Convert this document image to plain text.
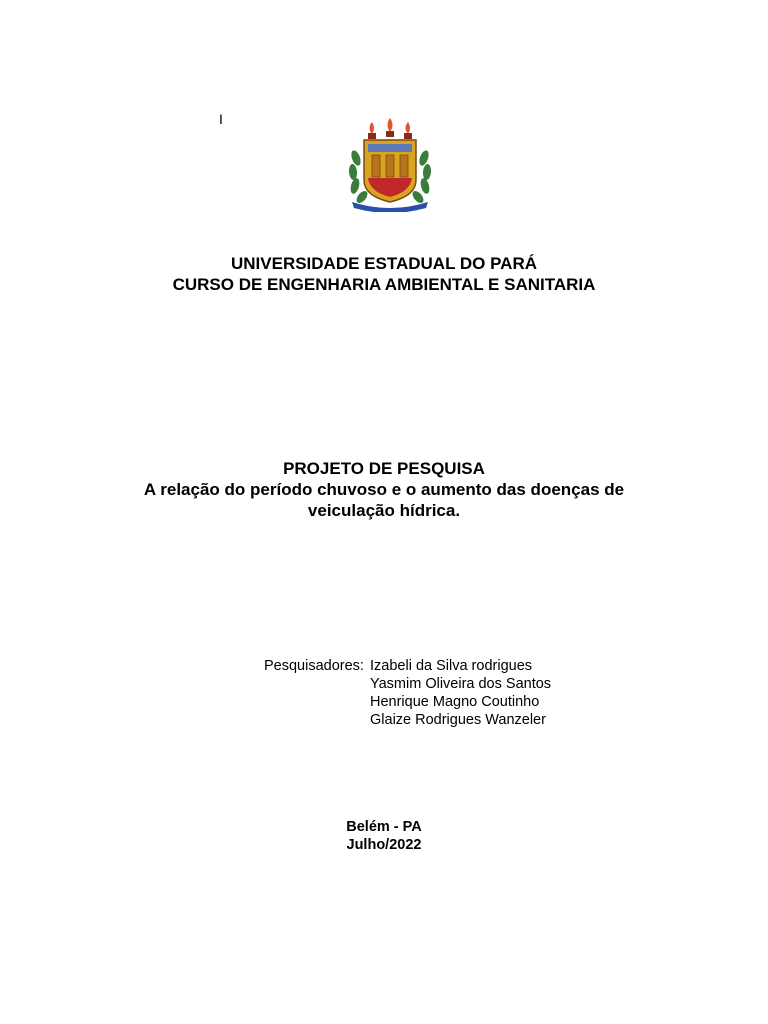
I
UNIVERSIDADE ESTADUAL DO PARÁ
CURSO DE ENGENHARIA AMBIENTAL E SANITARIA
PROJETO DE PESQUISA
A relação do período chuvoso e o aumento das doenças de veiculação hídrica.
Pesquisadores: Izabeli da Silva rodrigues
Yasmim Oliveira dos Santos
Henrique Magno Coutinho
Glaize Rodrigues Wanzeler
Belém - PA
Julho/2022
